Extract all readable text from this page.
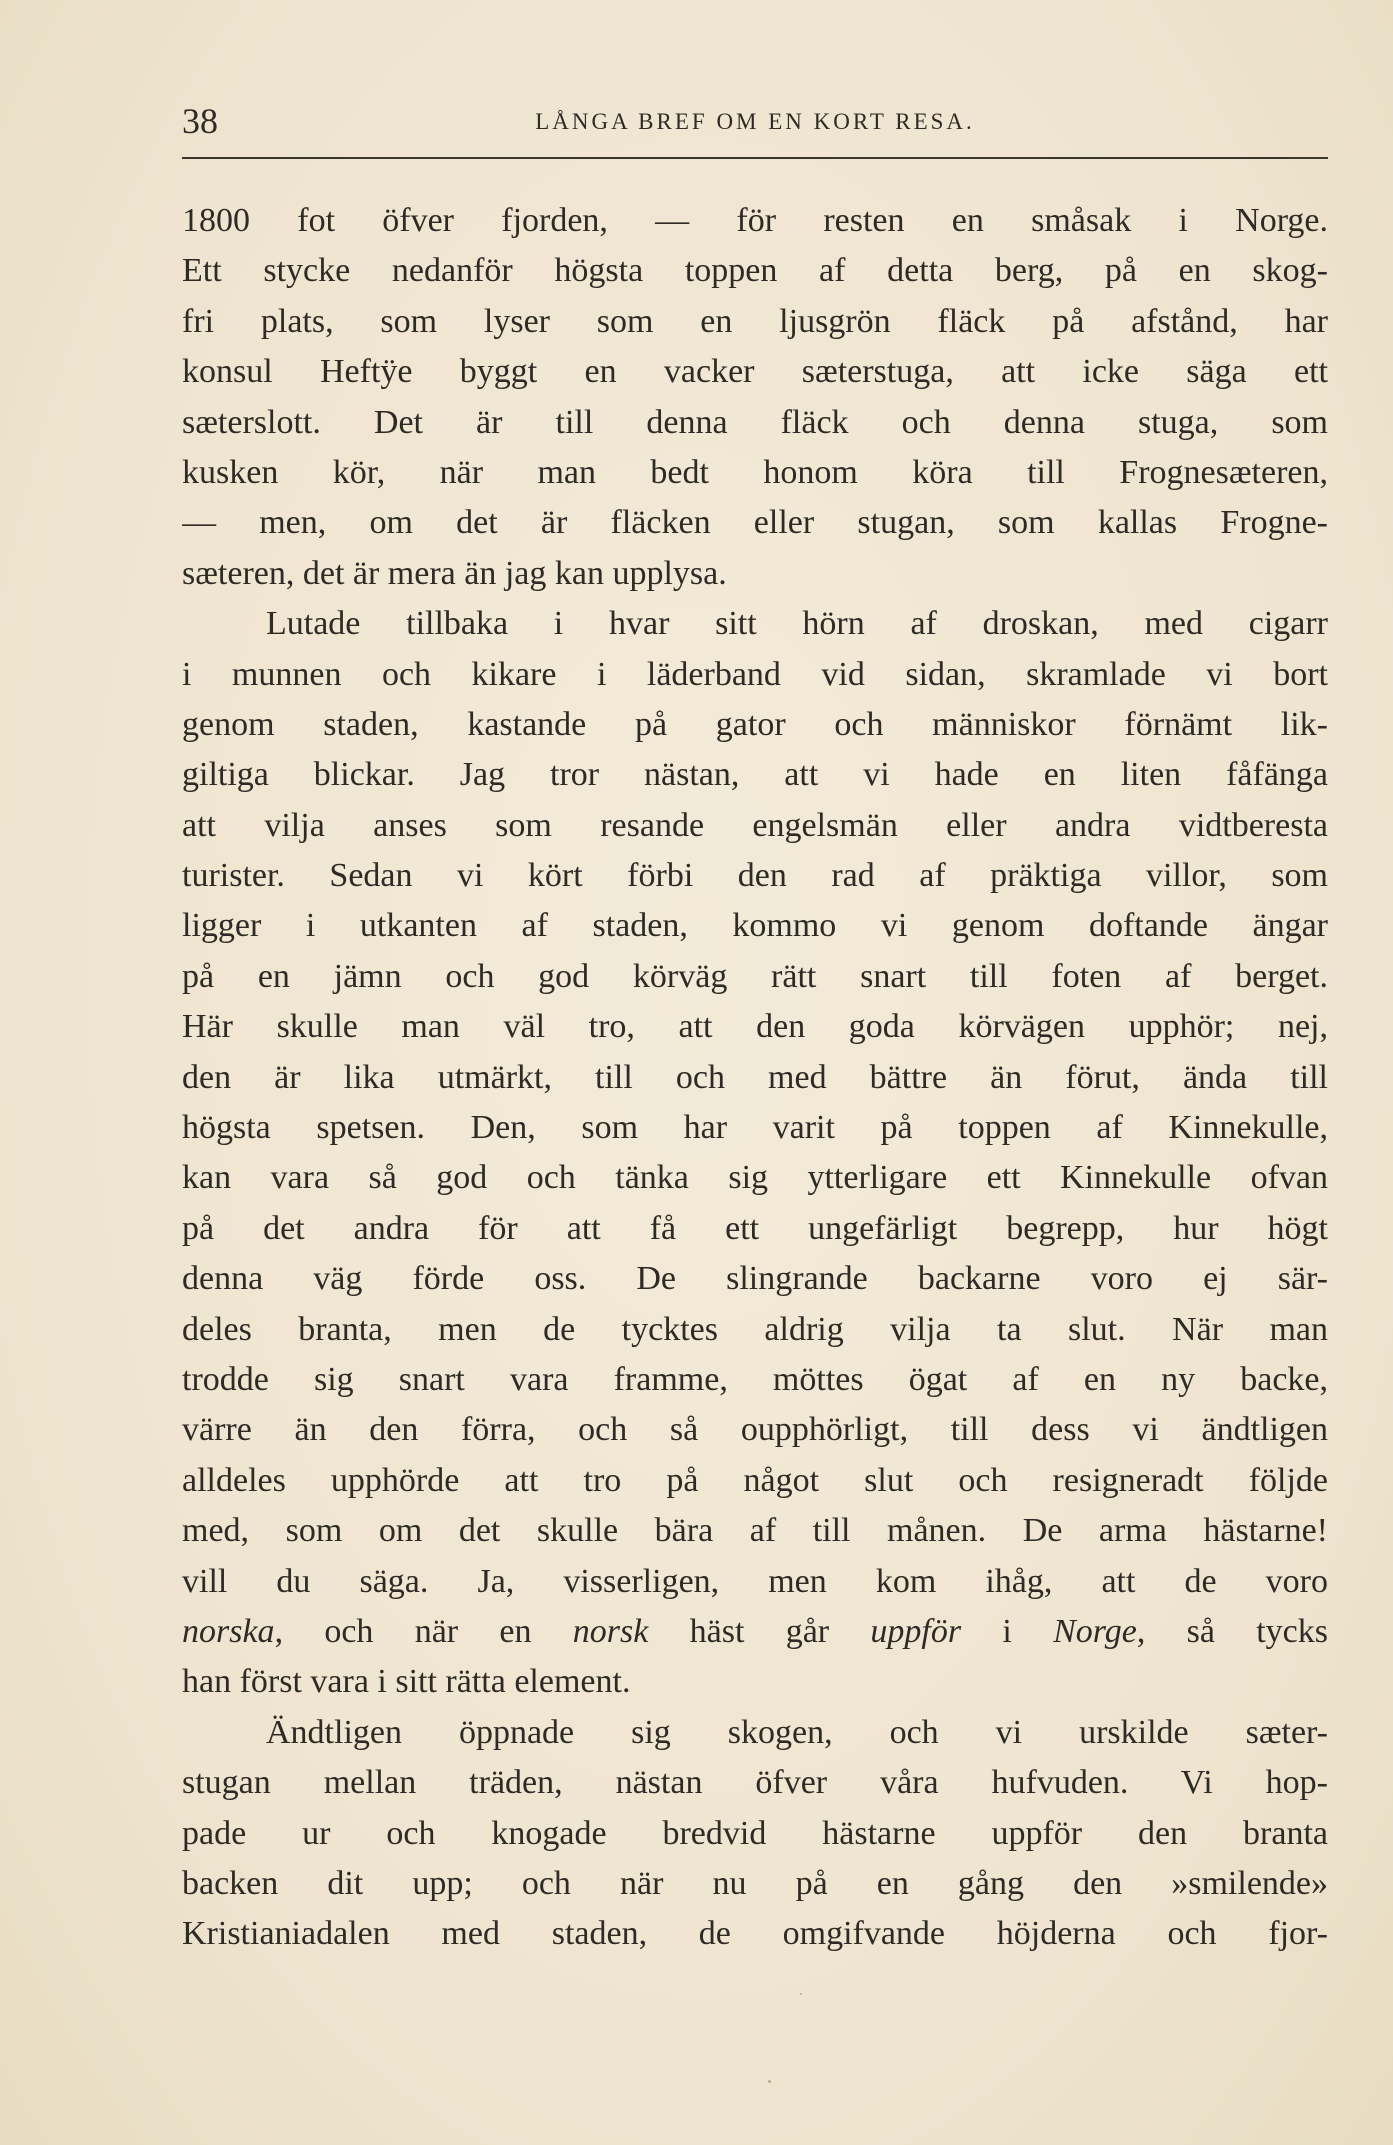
38	LÅNGA BREF OM EN KORT RESA.
1800 fot öfver fjorden, — för resten en småsak i Norge.
Ett stycke nedanför högsta toppen af detta berg, på en skog-
fri plats, som lyser som en ljusgrön fläck på afstånd, har
konsul Heftÿe byggt en vacker sæterstuga, att icke säga ett
sæterslott. Det är till denna fläck och denna stuga, som
kusken kör, när man bedt honom köra till Frognesæteren,
— men, om det är fläcken eller stugan, som kallas Frogne-
sæteren, det är mera än jag kan upplysa.
Lutade tillbaka i hvar sitt hörn af droskan, med cigarr
i munnen och kikare i läderband vid sidan, skramlade vi bort
genom staden, kastande på gator och människor förnämt lik-
giltiga blickar. Jag tror nästan, att vi hade en liten fåfänga
att vilja anses som resande engelsmän eller andra vidtberesta
turister. Sedan vi kört förbi den rad af präktiga villor, som
ligger i utkanten af staden, kommo vi genom doftande ängar
på en jämn och god körväg rätt snart till foten af berget.
Här skulle man väl tro, att den goda körvägen upphör; nej,
den är lika utmärkt, till och med bättre än förut, ända till
högsta spetsen. Den, som har varit på toppen af Kinnekulle,
kan vara så god och tänka sig ytterligare ett Kinnekulle ofvan
på det andra för att få ett ungefärligt begrepp, hur högt
denna väg förde oss. De slingrande backarne voro ej sär-
deles branta, men de tycktes aldrig vilja ta slut. När man
trodde sig snart vara framme, möttes ögat af en ny backe,
värre än den förra, och så oupphörligt, till dess vi ändtligen
alldeles upphörde att tro på något slut och resigneradt följde
med, som om det skulle bära af till månen. De arma hästarne!
vill du säga. Ja, visserligen, men kom ihåg, att de voro
norska, och när en norsk häst går uppför i Norge, så tycks
han först vara i sitt rätta element.
Ändtligen öppnade sig skogen, och vi urskilde sæter-
stugan mellan träden, nästan öfver våra hufvuden. Vi hop-
pade ur och knogade bredvid hästarne uppför den branta
backen dit upp; och när nu på en gång den »smilende»
Kristianiadalen med staden, de omgifvande höjderna och fjor-
